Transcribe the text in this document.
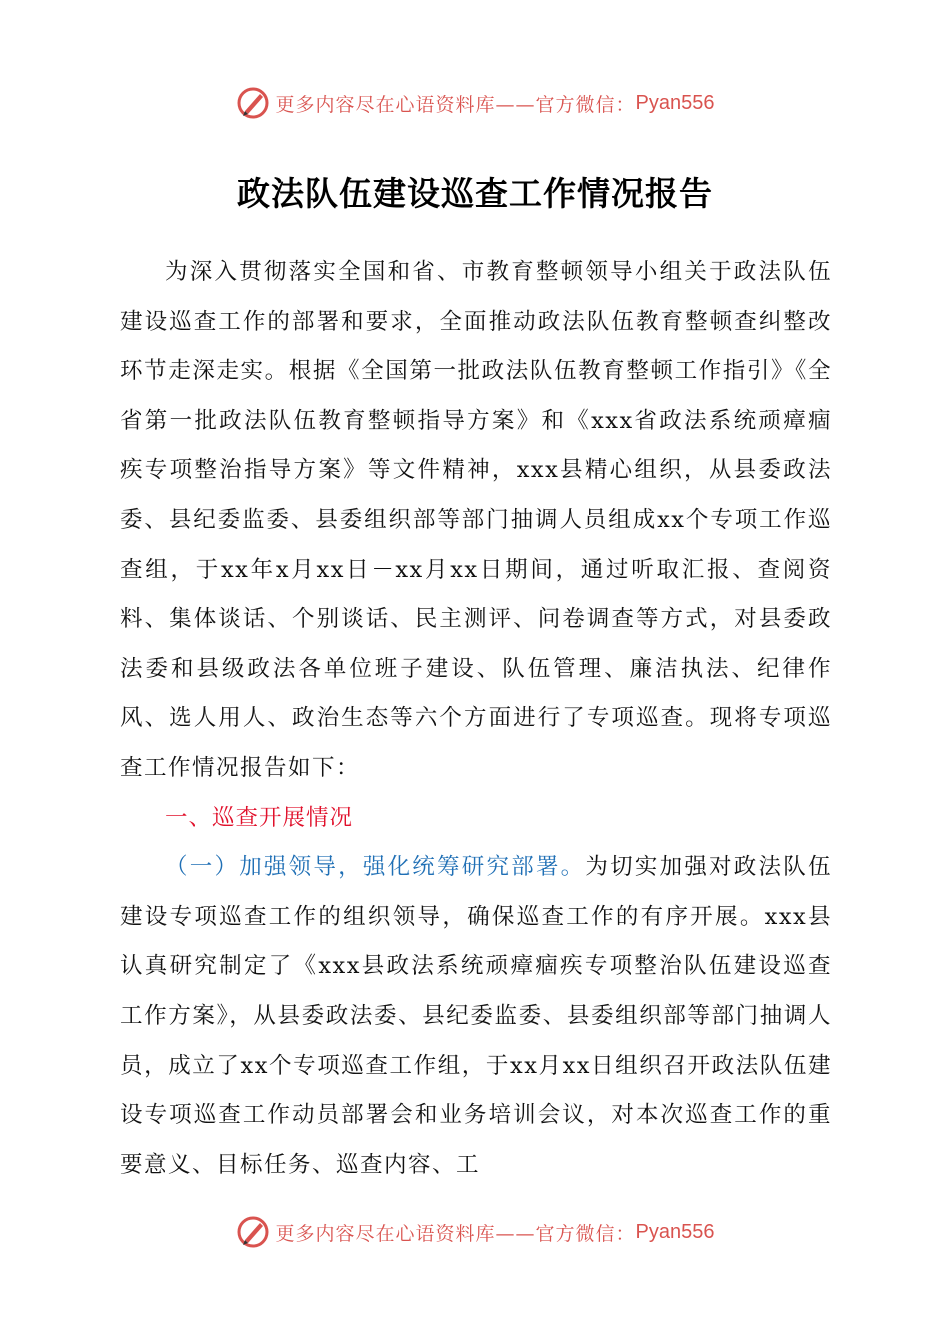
更多内容尽在心语资料库—— 官方微信： Pyan556
政法队伍建设巡查工作情况报告

为深入贯彻落实全国和省、市教育整顿领导小组关于政法队伍建设巡查工作的部署和要求，全面推动政法队伍教育整顿查纠整改环节走深走实。根据《全国第一批政法队伍教育整顿工作指引》《全省第一批政法队伍教育整顿指导方案》和《xxx省政法系统顽瘴痼疾专项整治指导方案》等文件精神，xxx县精心组织，从县委政法委、县纪委监委、县委组织部等部门抽调人员组成xx个专项工作巡查组，于xx年x月xx日－xx月xx日期间，通过听取汇报、查阅资料、集体谈话、个别谈话、民主测评、问卷调查等方式，对县委政法委和县级政法各单位班子建设、队伍管理、廉洁执法、纪律作风、选人用人、政治生态等六个方面进行了专项巡查。现将专项巡查工作情况报告如下：

一、巡查开展情况

（一）加强领导，强化统筹研究部署。为切实加强对政法队伍建设专项巡查工作的组织领导，确保巡查工作的有序开展。xxx县认真研究制定了《xxx县政法系统顽瘴痼疾专项整治队伍建设巡查工作方案》，从县委政法委、县纪委监委、县委组织部等部门抽调人员，成立了xx个专项巡查工作组，于xx月xx日组织召开政法队伍建设专项巡查工作动员部署会和业务培训会议，对本次巡查工作的重要意义、目标任务、巡查内容、工

更多内容尽在心语资料库—— 官方微信： Pyan556
